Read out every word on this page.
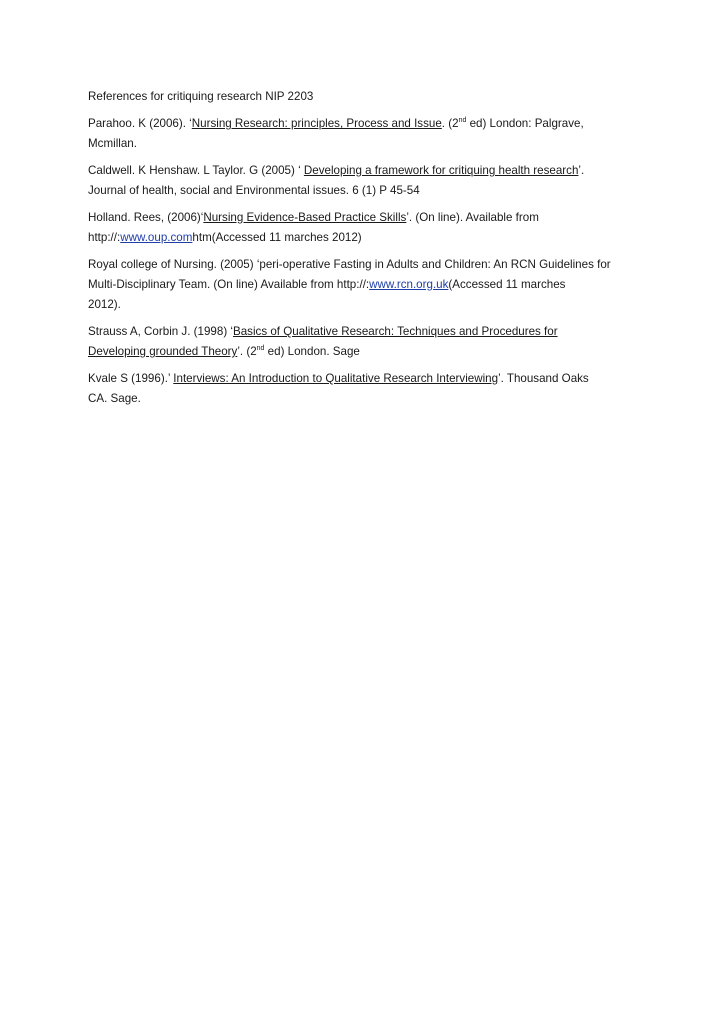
References for critiquing research NIP 2203

Parahoo. K (2006). ‘Nursing Research: principles, Process and Issue. (2nd ed) London: Palgrave,
Mcmillan.
Caldwell. K Henshaw. L Taylor. G (2005) ‘ Developing a framework for critiquing health research’.
Journal of health, social and Environmental issues. 6 (1) P 45-54
Holland. Rees, (2006)‘Nursing Evidence-Based Practice Skills’. (On line). Available from
http://:www.oup.comhtm(Accessed 11 marches 2012)
Royal college of Nursing. (2005) ‘peri-operative Fasting in Adults and Children: An RCN Guidelines for
Multi-Disciplinary Team. (On line) Available from http://:www.rcn.org.uk(Accessed 11 marches
2012).
Strauss A, Corbin J. (1998) ‘Basics of Qualitative Research: Techniques and Procedures for
Developing grounded Theory’. (2nd ed) London. Sage
Kvale S (1996).’ Interviews: An Introduction to Qualitative Research Interviewing’. Thousand Oaks
CA. Sage.
